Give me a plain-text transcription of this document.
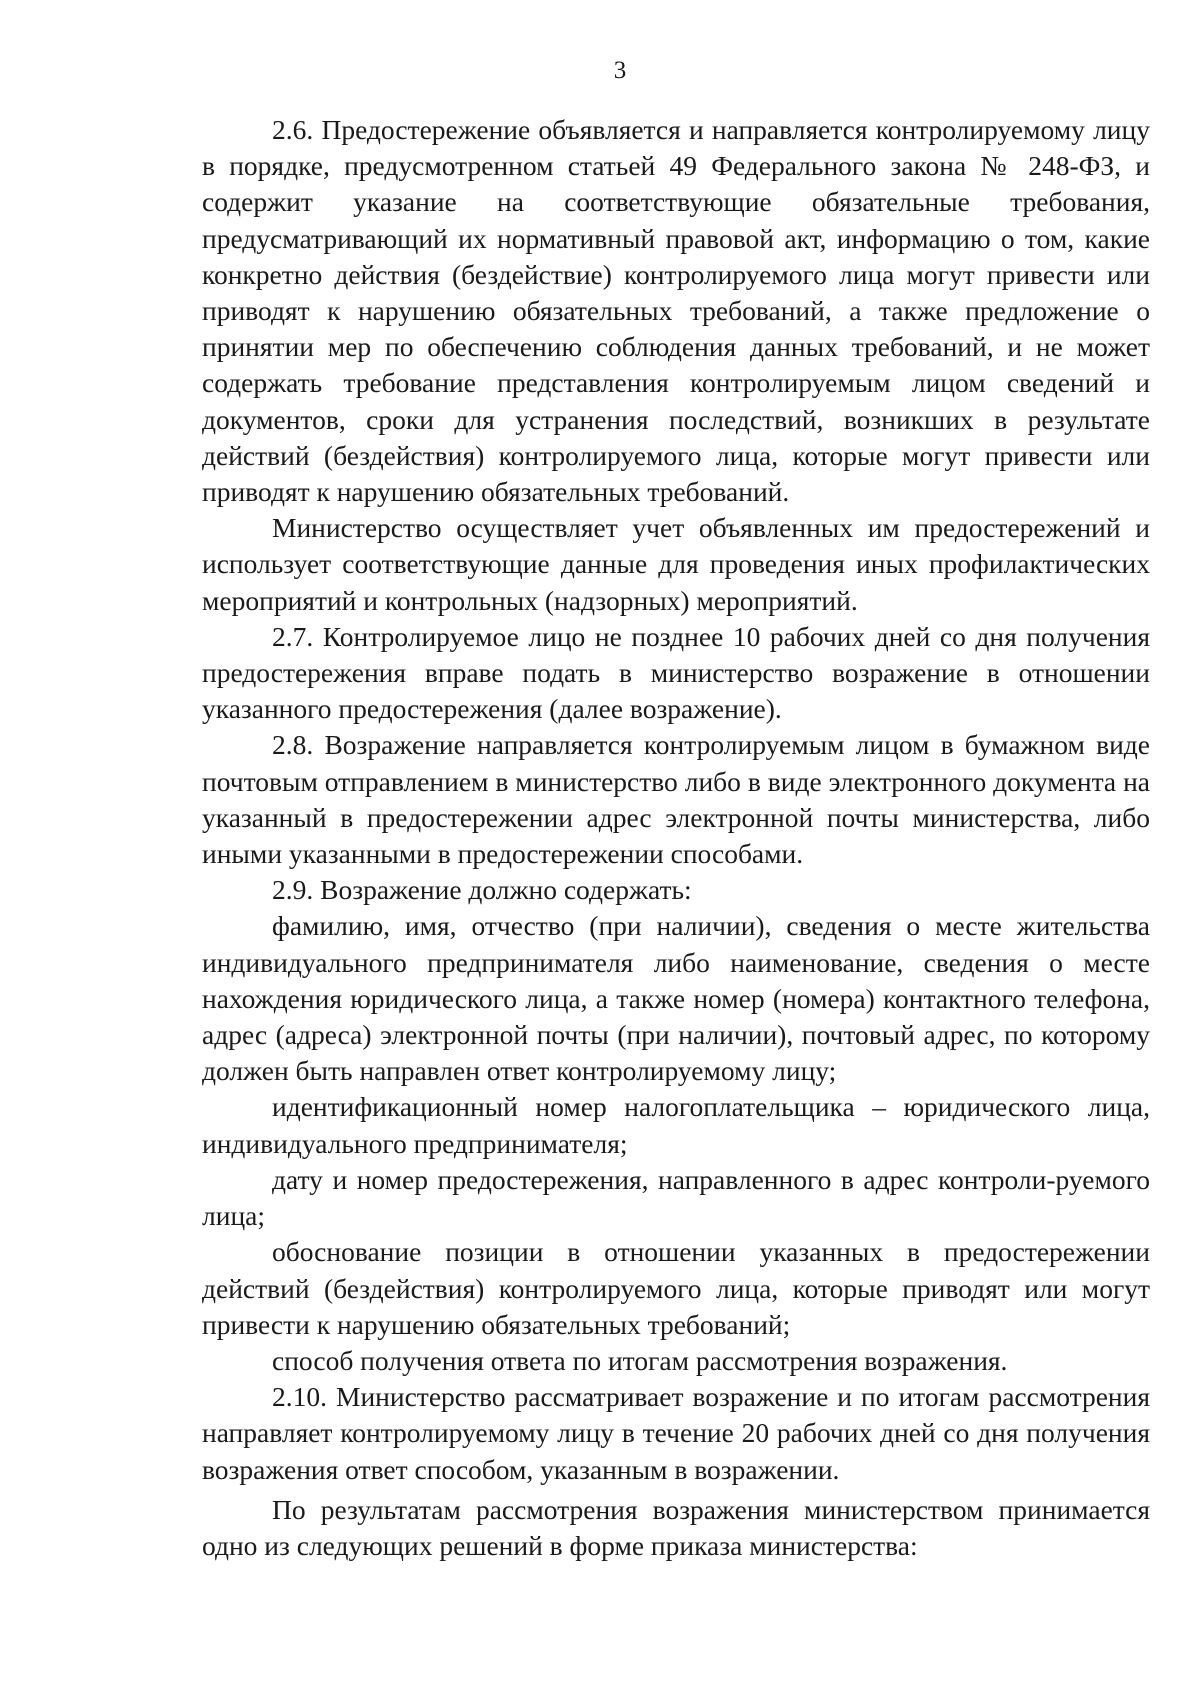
3

2.6. Предостережение объявляется и направляется контролируемому лицу в порядке, предусмотренном статьей 49 Федерального закона № 248-ФЗ, и содержит указание на соответствующие обязательные требования, предусматривающий их нормативный правовой акт, информацию о том, какие конкретно действия (бездействие) контролируемого лица могут привести или приводят к нарушению обязательных требований, а также предложение о принятии мер по обеспечению соблюдения данных требований, и не может содержать требование представления контролируемым лицом сведений и документов, сроки для устранения последствий, возникших в результате действий (бездействия) контролируемого лица, которые могут привести или приводят к нарушению обязательных требований.

Министерство осуществляет учет объявленных им предостережений и использует соответствующие данные для проведения иных профилактических мероприятий и контрольных (надзорных) мероприятий.

2.7. Контролируемое лицо не позднее 10 рабочих дней со дня получения предостережения вправе подать в министерство возражение в отношении указанного предостережения (далее возражение).

2.8. Возражение направляется контролируемым лицом в бумажном виде почтовым отправлением в министерство либо в виде электронного документа на указанный в предостережении адрес электронной почты министерства, либо иными указанными в предостережении способами.

2.9. Возражение должно содержать:

фамилию, имя, отчество (при наличии), сведения о месте жительства индивидуального предпринимателя либо наименование, сведения о месте нахождения юридического лица, а также номер (номера) контактного телефона, адрес (адреса) электронной почты (при наличии), почтовый адрес, по которому должен быть направлен ответ контролируемому лицу;

идентификационный номер налогоплательщика – юридического лица, индивидуального предпринимателя;

дату и номер предостережения, направленного в адрес контроли-руемого лица;

обоснование позиции в отношении указанных в предостережении действий (бездействия) контролируемого лица, которые приводят или могут привести к нарушению обязательных требований;

способ получения ответа по итогам рассмотрения возражения.

2.10. Министерство рассматривает возражение и по итогам рассмотрения направляет контролируемому лицу в течение 20 рабочих дней со дня получения возражения ответ способом, указанным в возражении.

По результатам рассмотрения возражения министерством принимается одно из следующих решений в форме приказа министерства:
